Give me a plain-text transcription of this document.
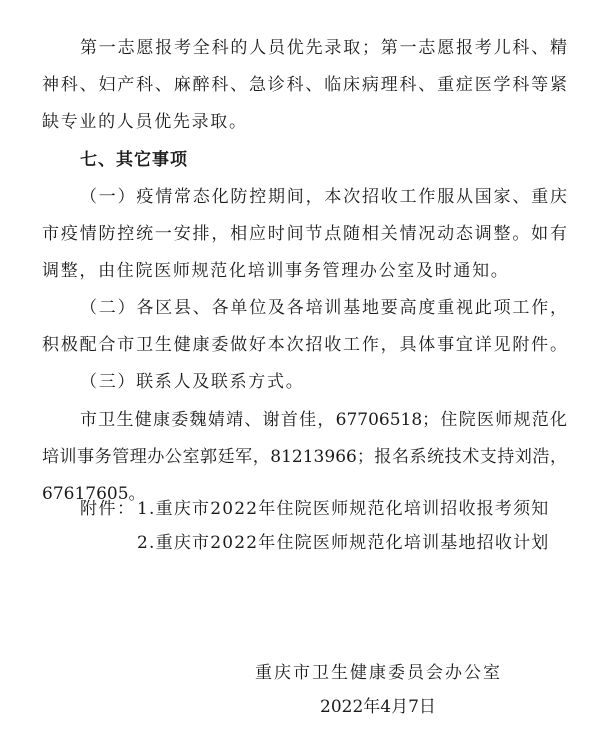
第一志愿报考全科的人员优先录取；第一志愿报考儿科、精
神科、妇产科、麻醉科、急诊科、临床病理科、重症医学科等紧
缺专业的人员优先录取。
七、其它事项
（一）疫情常态化防控期间，本次招收工作服从国家、重庆
市疫情防控统一安排，相应时间节点随相关情况动态调整。如有
调整，由住院医师规范化培训事务管理办公室及时通知。
（二）各区县、各单位及各培训基地要高度重视此项工作，
积极配合市卫生健康委做好本次招收工作，具体事宜详见附件。
（三）联系人及联系方式。
市卫生健康委魏婧靖、谢首佳，67706518；住院医师规范化
培训事务管理办公室郭廷军，81213966；报名系统技术支持刘浩，
67617605。
附件： 1.重庆市2022年住院医师规范化培训招收报考须知
2.重庆市2022年住院医师规范化培训基地招收计划
重庆市卫生健康委员会办公室
2022年4月7日
